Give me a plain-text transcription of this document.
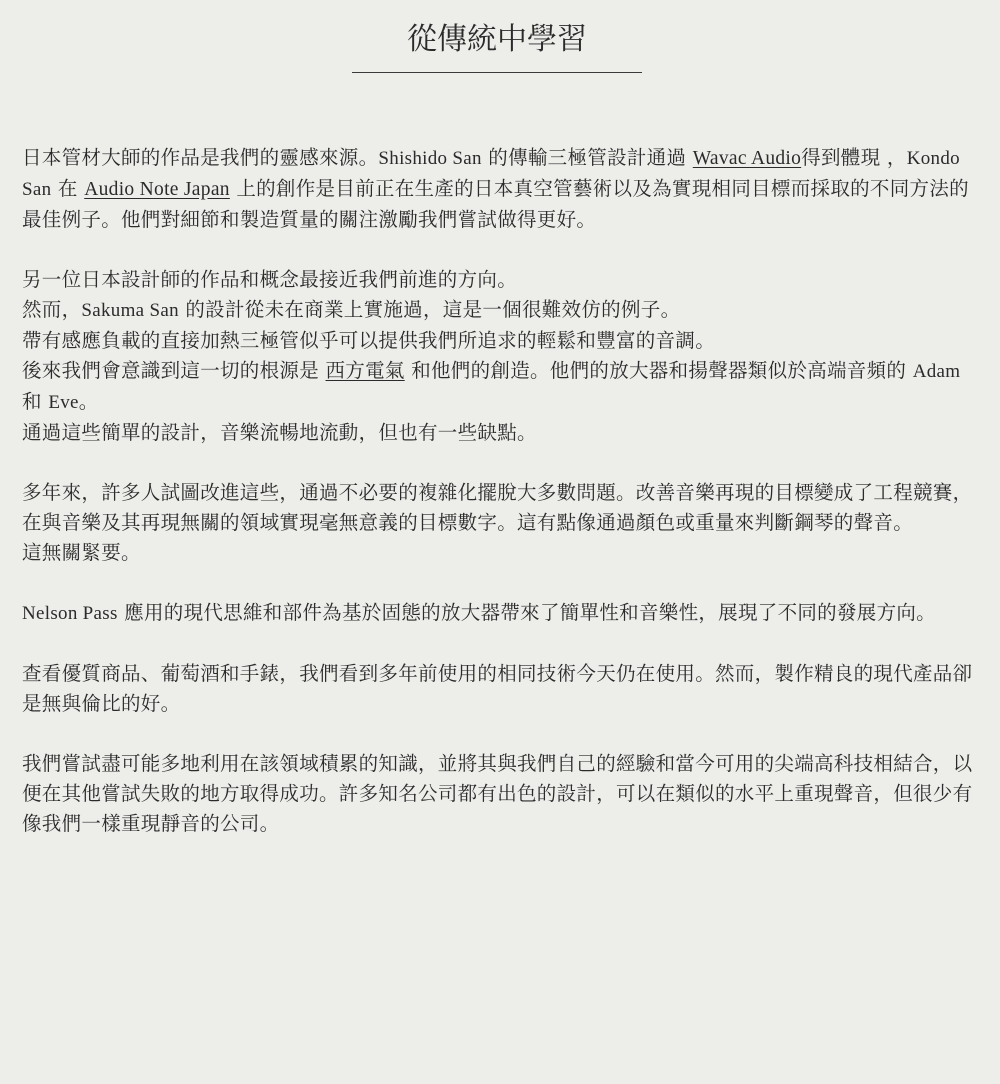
從傳統中學習

日本管材大師的作品是我們的靈感來源。Shishido San 的傳輸三極管設計通過 Wavac Audio得到體現 ，Kondo San 在 Audio Note Japan 上的創作是目前正在生產的日本真空管藝術以及為實現相同目標而採取的不同方法的最佳例子。他們對細節和製造質量的關注激勵我們嘗試做得更好。

另一位日本設計師的作品和概念最接近我們前進的方向。
然而，Sakuma San 的設計從未在商業上實施過，這是一個很難效仿的例子。
帶有感應負載的直接加熱三極管似乎可以提供我們所追求的輕鬆和豐富的音調。
後來我們會意識到這一切的根源是 西方電氣 和他們的創造。他們的放大器和揚聲器類似於高端音頻的 Adam 和 Eve。
通過這些簡單的設計，音樂流暢地流動，但也有一些缺點。
多年來，許多人試圖改進這些，通過不必要的複雜化擺脫大多數問題。改善音樂再現的目標變成了工程競賽，在與音樂及其再現無關的領域實現毫無意義的目標數字。這有點像通過顏色或重量來判斷鋼琴的聲音。
這無關緊要。

Nelson Pass 應用的現代思維和部件為基於固態的放大器帶來了簡單性和音樂性，展現了不同的發展方向。

查看優質商品、葡萄酒和手錶，我們看到多年前使用的相同技術今天仍在使用。然而，製作精良的現代產品卻是無與倫比的好。

我們嘗試盡可能多地利用在該領域積累的知識，並將其與我們自己的經驗和當今可用的尖端高科技相結合，以便在其他嘗試失敗的地方取得成功。許多知名公司都有出色的設計，可以在類似的水平上重現聲音，但很少有像我們一樣重現靜音的公司。
